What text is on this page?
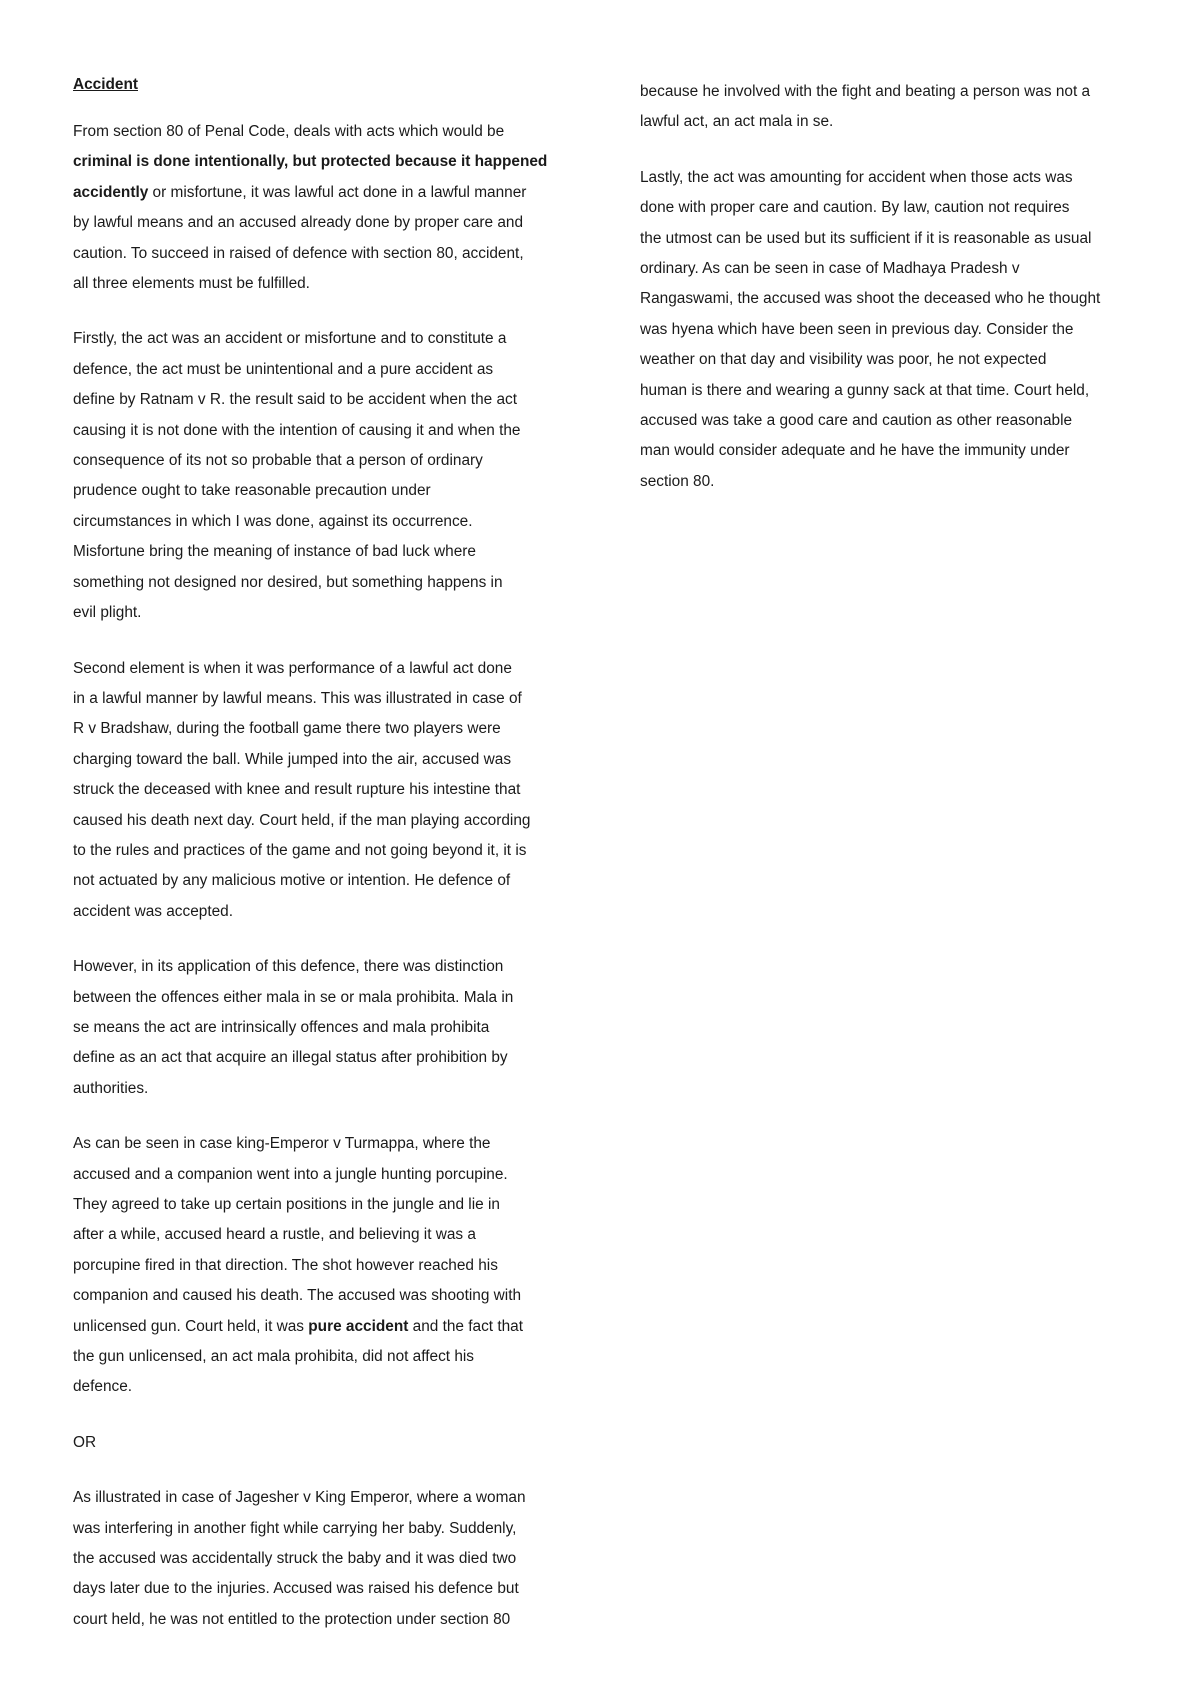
Accident

From section 80 of Penal Code, deals with acts which would be
criminal is done intentionally, but protected because it happened
accidently or misfortune, it was lawful act done in a lawful manner
by lawful means and an accused already done by proper care and
caution. To succeed in raised of defence with section 80, accident,
all three elements must be fulfilled.

Firstly, the act was an accident or misfortune and to constitute a
defence, the act must be unintentional and a pure accident as
define by Ratnam v R. the result said to be accident when the act
causing it is not done with the intention of causing it and when the
consequence of its not so probable that a person of ordinary
prudence ought to take reasonable precaution under
circumstances in which I was done, against its occurrence.
Misfortune bring the meaning of instance of bad luck where
something not designed nor desired, but something happens in
evil plight.

Second element is when it was performance of a lawful act done
in a lawful manner by lawful means. This was illustrated in case of
R v Bradshaw, during the football game there two players were
charging toward the ball. While jumped into the air, accused was
struck the deceased with knee and result rupture his intestine that
caused his death next day. Court held, if the man playing according
to the rules and practices of the game and not going beyond it, it is
not actuated by any malicious motive or intention. He defence of
accident was accepted.

However, in its application of this defence, there was distinction
between the offences either mala in se or mala prohibita. Mala in
se means the act are intrinsically offences and mala prohibita
define as an act that acquire an illegal status after prohibition by
authorities.

As can be seen in case king-Emperor v Turmappa, where the
accused and a companion went into a jungle hunting porcupine.
They agreed to take up certain positions in the jungle and lie in
after a while, accused heard a rustle, and believing it was a
porcupine fired in that direction. The shot however reached his
companion and caused his death. The accused was shooting with
unlicensed gun. Court held, it was pure accident and the fact that
the gun unlicensed, an act mala prohibita, did not affect his
defence.

OR

As illustrated in case of Jagesher v King Emperor, where a woman
was interfering in another fight while carrying her baby. Suddenly,
the accused was accidentally struck the baby and it was died two
days later due to the injuries. Accused was raised his defence but
court held, he was not entitled to the protection under section 80

because he involved with the fight and beating a person was not a
lawful act, an act mala in se.

Lastly, the act was amounting for accident when those acts was
done with proper care and caution. By law, caution not requires
the utmost can be used but its sufficient if it is reasonable as usual
ordinary. As can be seen in case of Madhaya Pradesh v
Rangaswami, the accused was shoot the deceased who he thought
was hyena which have been seen in previous day. Consider the
weather on that day and visibility was poor, he not expected
human is there and wearing a gunny sack at that time. Court held,
accused was take a good care and caution as other reasonable
man would consider adequate and he have the immunity under
section 80.
